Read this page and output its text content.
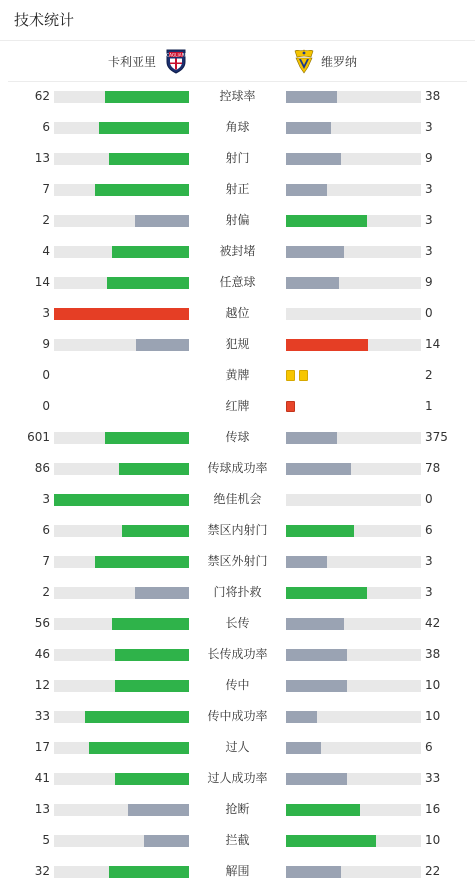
技术统计
卡利亚里 CAGLIARI	维罗纳
62	控球率	38
6	角球	3
13	射门	9
7	射正	3
2	射偏	3
4	被封堵	3
14	任意球	9
3	越位	0
9	犯规	14
0	黄牌	2
0	红牌	1
601	传球	375
86	传球成功率	78
3	绝佳机会	0
6	禁区内射门	6
7	禁区外射门	3
2	门将扑救	3
56	长传	42
46	长传成功率	38
12	传中	10
33	传中成功率	10
17	过人	6
41	过人成功率	33
13	抢断	16
5	拦截	10
32	解围	22
